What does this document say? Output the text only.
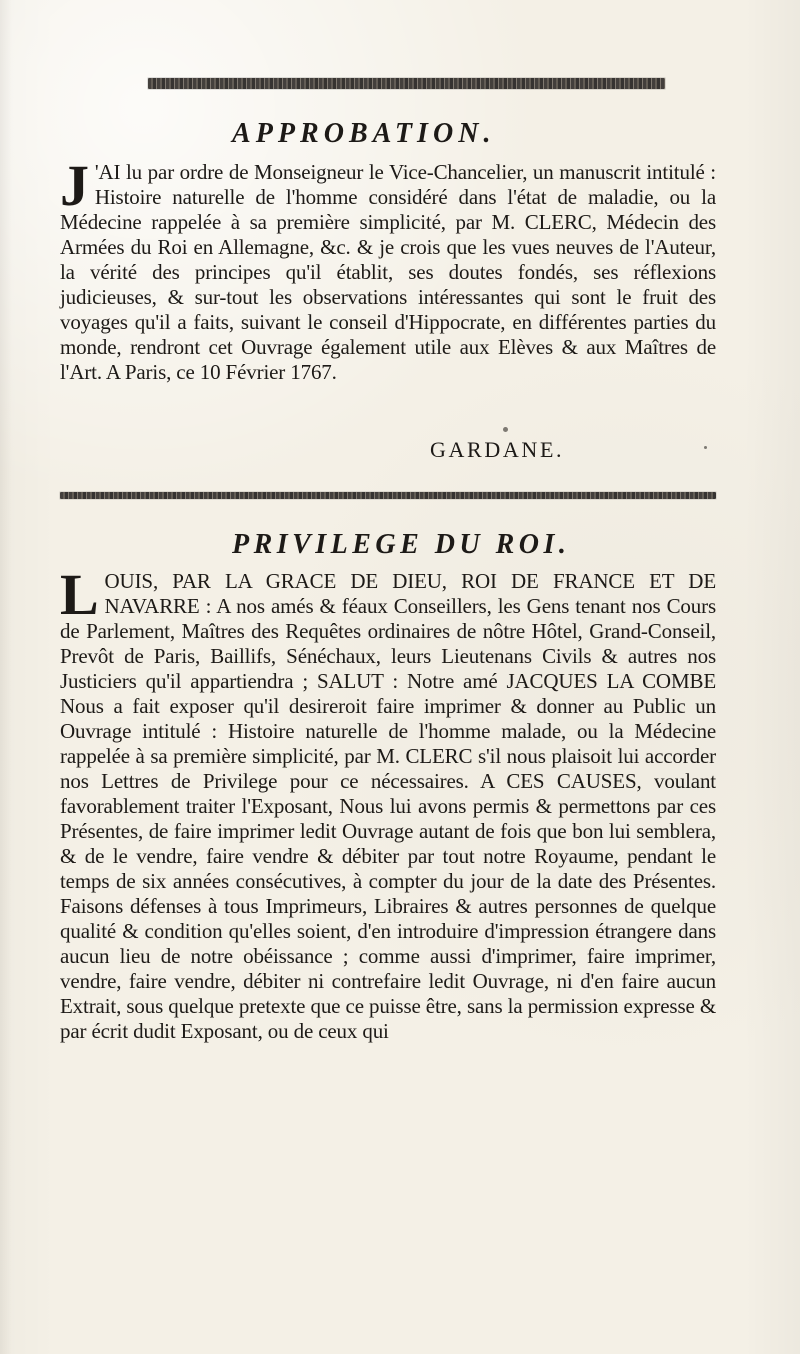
APPROBATION.
J 'AI lu par ordre de Monseigneur le Vice-Chancelier, un manuscrit intitulé : Histoire naturelle de l'homme considéré dans l'état de maladie, ou la Médecine rappelée à sa première simplicité, par M. CLERC, Médecin des Armées du Roi en Allemagne, &c. & je crois que les vues neuves de l'Auteur, la vérité des principes qu'il établit, ses doutes fondés, ses réflexions judicieuses, & sur-tout les observations intéressantes qui sont le fruit des voyages qu'il a faits, suivant le conseil d'Hippocrate, en différentes parties du monde, rendront cet Ouvrage également utile aux Elèves & aux Maîtres de l'Art. A Paris, ce 10 Février 1767.
GARDANE.
PRIVILEGE DU ROI.
L OUIS, PAR LA GRACE DE DIEU, ROI DE FRANCE ET DE NAVARRE : A nos amés & féaux Conseillers, les Gens tenant nos Cours de Parlement, Maîtres des Requêtes ordinaires de nôtre Hôtel, Grand-Conseil, Prevôt de Paris, Baillifs, Sénéchaux, leurs Lieutenans Civils & autres nos Justiciers qu'il appartiendra ; SALUT : Notre amé JACQUES LA COMBE Nous a fait exposer qu'il desireroit faire imprimer & donner au Public un Ouvrage intitulé : Histoire naturelle de l'homme malade, ou la Médecine rappelée à sa première simplicité, par M. CLERC s'il nous plaisoit lui accorder nos Lettres de Privilege pour ce nécessaires. A CES CAUSES, voulant favorablement traiter l'Exposant, Nous lui avons permis & permettons par ces Présentes, de faire imprimer ledit Ouvrage autant de fois que bon lui semblera, & de le vendre, faire vendre & débiter par tout notre Royaume, pendant le temps de six années consécutives, à compter du jour de la date des Présentes. Faisons défenses à tous Imprimeurs, Libraires & autres personnes de quelque qualité & condition qu'elles soient, d'en introduire d'impression étrangere dans aucun lieu de notre obéissance ; comme aussi d'imprimer, faire imprimer, vendre, faire vendre, débiter ni contrefaire ledit Ouvrage, ni d'en faire aucun Extrait, sous quelque pretexte que ce puisse être, sans la permission expresse & par écrit dudit Exposant, ou de ceux qui
